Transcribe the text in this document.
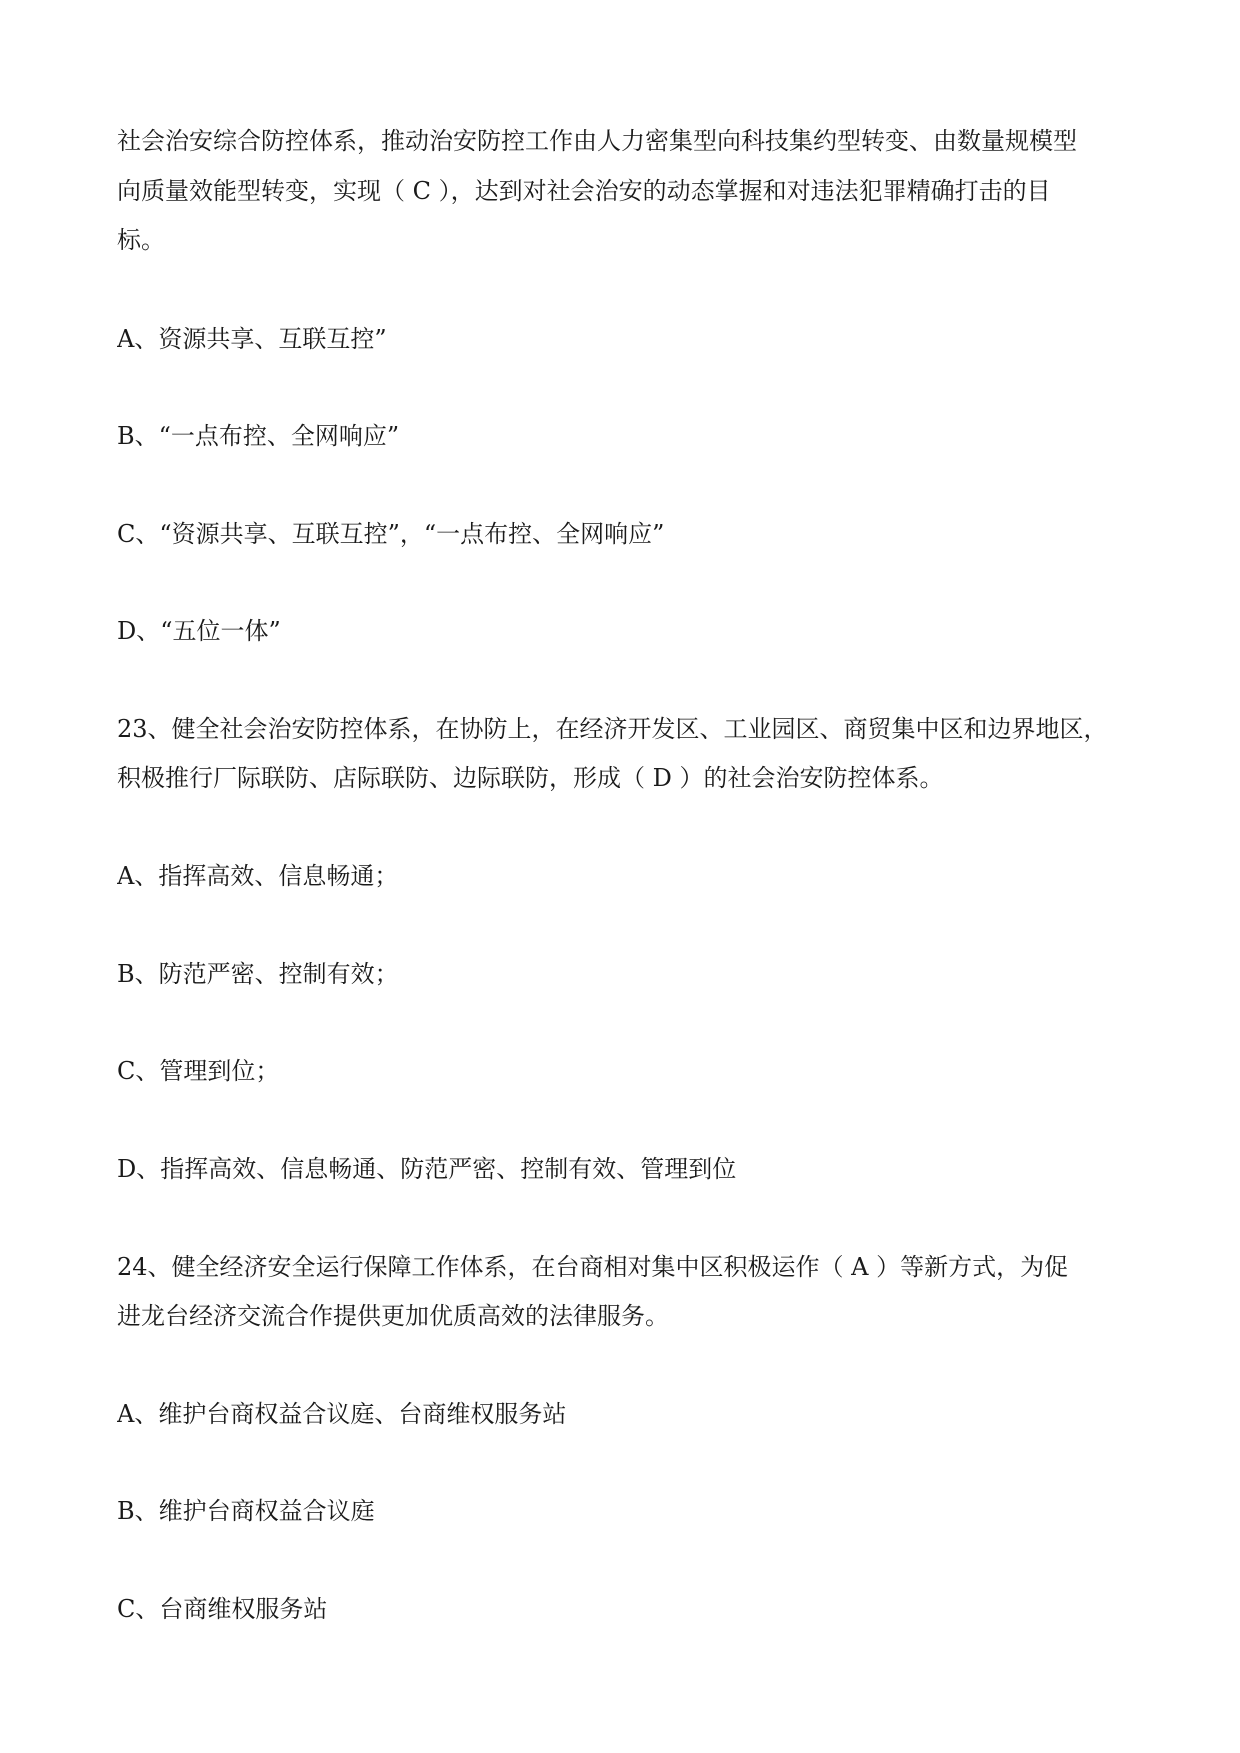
社会治安综合防控体系，推动治安防控工作由人力密集型向科技集约型转变、由数量规模型
向质量效能型转变，实现（ C ），达到对社会治安的动态掌握和对违法犯罪精确打击的目
标。
A、资源共享、互联互控”
B、“一点布控、全网响应”
C、“资源共享、互联互控”，“一点布控、全网响应”
D、“五位一体”
23、健全社会治安防控体系，在协防上，在经济开发区、工业园区、商贸集中区和边界地区，
积极推行厂际联防、店际联防、边际联防，形成（ D ）的社会治安防控体系。
A、指挥高效、信息畅通；
B、防范严密、控制有效；
C、管理到位；
D、指挥高效、信息畅通、防范严密、控制有效、管理到位
24、健全经济安全运行保障工作体系，在台商相对集中区积极运作（ A ）等新方式，为促
进龙台经济交流合作提供更加优质高效的法律服务。
A、维护台商权益合议庭、台商维权服务站
B、维护台商权益合议庭
C、台商维权服务站
